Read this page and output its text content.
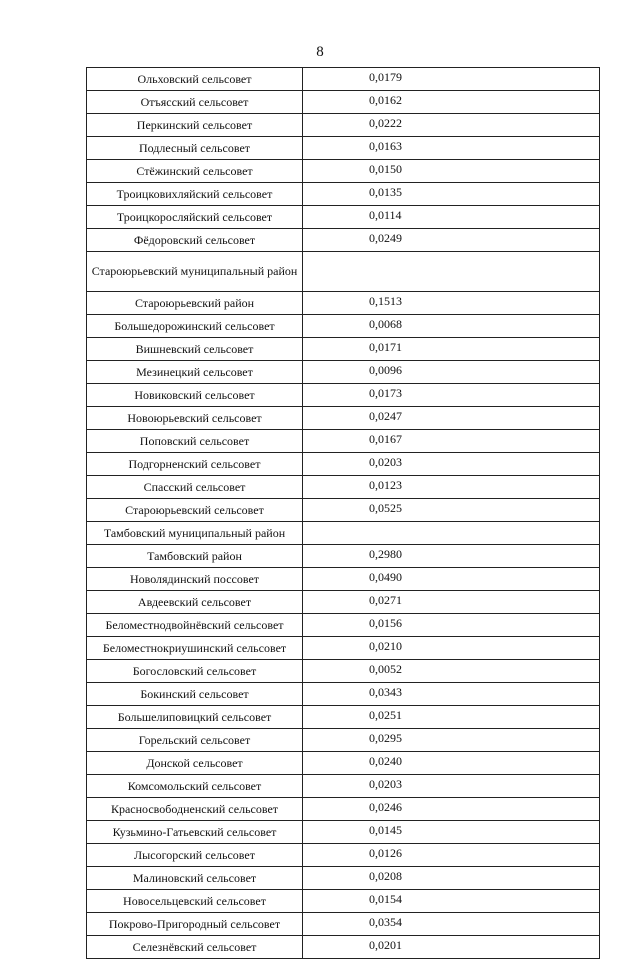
8
Ольховский сельсовет	0,0179
Отъясский сельсовет	0,0162
Перкинский сельсовет	0,0222
Подлесный сельсовет	0,0163
Стёжинский сельсовет	0,0150
Троицковихляйский сельсовет	0,0135
Троицкоросляйский сельсовет	0,0114
Фёдоровский сельсовет	0,0249
Староюрьевский муниципальный район	
Староюрьевский район	0,1513
Большедорожинский сельсовет	0,0068
Вишневский сельсовет	0,0171
Мезинецкий сельсовет	0,0096
Новиковский сельсовет	0,0173
Новоюрьевский сельсовет	0,0247
Поповский сельсовет	0,0167
Подгорненский сельсовет	0,0203
Спасский сельсовет	0,0123
Староюрьевский сельсовет	0,0525
Тамбовский муниципальный район	
Тамбовский район	0,2980
Новолядинский поссовет	0,0490
Авдеевский сельсовет	0,0271
Беломестнодвойнёвский сельсовет	0,0156
Беломестнокриушинский сельсовет	0,0210
Богословский сельсовет	0,0052
Бокинский сельсовет	0,0343
Большелиповицкий сельсовет	0,0251
Горельский сельсовет	0,0295
Донской сельсовет	0,0240
Комсомольский сельсовет	0,0203
Красносвободненский сельсовет	0,0246
Кузьмино-Гатьевский сельсовет	0,0145
Лысогорский сельсовет	0,0126
Малиновский сельсовет	0,0208
Новосельцевский сельсовет	0,0154
Покрово-Пригородный сельсовет	0,0354
Селезнёвский сельсовет	0,0201
